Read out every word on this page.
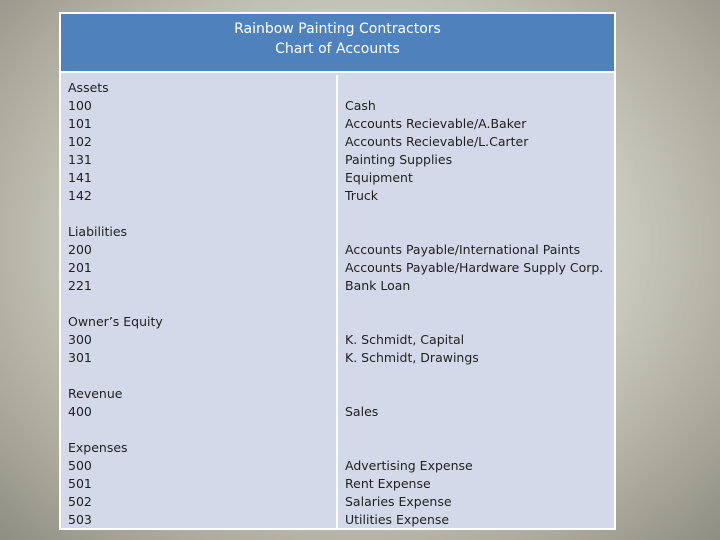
Rainbow Painting Contractors
Chart of Accounts
Assets
100
101
102
131
141
142
Liabilities
200
201
221
Owner’s Equity
300
301
Revenue
400
Expenses
500
501
502
503
Cash
Accounts Recievable/A.Baker
Accounts Recievable/L.Carter
Painting Supplies
Equipment
Truck
Accounts Payable/International Paints
Accounts Payable/Hardware Supply Corp.
Bank Loan
K. Schmidt, Capital
K. Schmidt, Drawings
Sales
Advertising Expense
Rent Expense
Salaries Expense
Utilities Expense
